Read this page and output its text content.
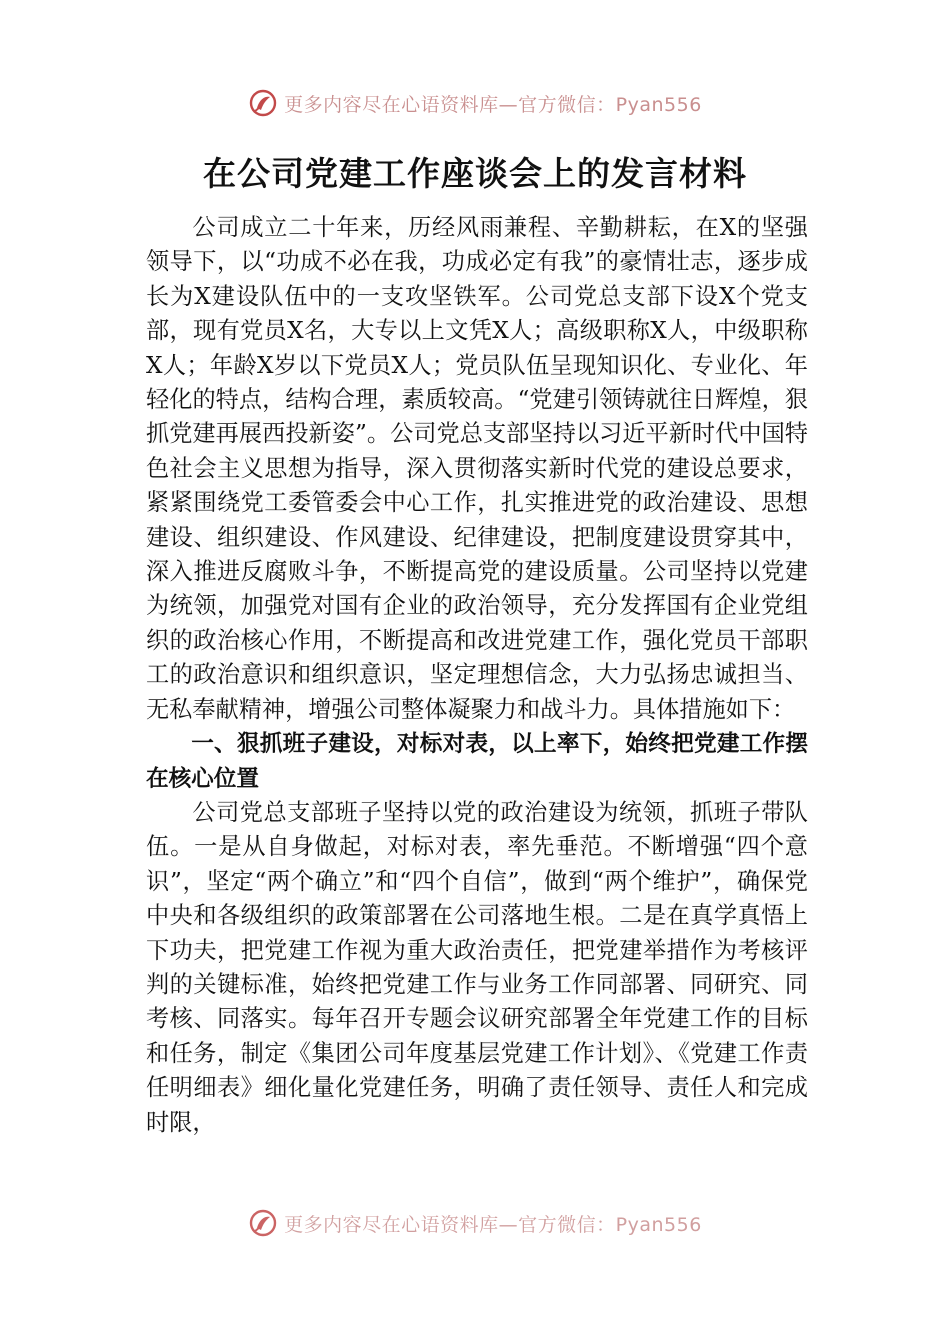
更多内容尽在心语资料库—官方微信：Pyan556
在公司党建工作座谈会上的发言材料

公司成立二十年来，历经风雨兼程、辛勤耕耘，在X的坚强领导下，以“功成不必在我，功成必定有我”的豪情壮志，逐步成长为X建设队伍中的一支攻坚铁军。公司党总支部下设X个党支部，现有党员X名，大专以上文凭X人；高级职称X人，中级职称X人；年龄X岁以下党员X人；党员队伍呈现知识化、专业化、年轻化的特点，结构合理，素质较高。“党建引领铸就往日辉煌，狠抓党建再展西投新姿”。公司党总支部坚持以习近平新时代中国特色社会主义思想为指导，深入贯彻落实新时代党的建设总要求，紧紧围绕党工委管委会中心工作，扎实推进党的政治建设、思想建设、组织建设、作风建设、纪律建设，把制度建设贯穿其中，深入推进反腐败斗争，不断提高党的建设质量。公司坚持以党建为统领，加强党对国有企业的政治领导，充分发挥国有企业党组织的政治核心作用，不断提高和改进党建工作，强化党员干部职工的政治意识和组织意识，坚定理想信念，大力弘扬忠诚担当、无私奉献精神，增强公司整体凝聚力和战斗力。具体措施如下：

一、狠抓班子建设，对标对表，以上率下，始终把党建工作摆在核心位置

公司党总支部班子坚持以党的政治建设为统领，抓班子带队伍。一是从自身做起，对标对表，率先垂范。不断增强“四个意识”，坚定“两个确立”和“四个自信”，做到“两个维护”，确保党中央和各级组织的政策部署在公司落地生根。二是在真学真悟上下功夫，把党建工作视为重大政治责任，把党建举措作为考核评判的关键标准，始终把党建工作与业务工作同部署、同研究、同考核、同落实。每年召开专题会议研究部署全年党建工作的目标和任务，制定《集团公司年度基层党建工作计划》、《党建工作责任明细表》细化量化党建任务，明确了责任领导、责任人和完成时限，

更多内容尽在心语资料库—官方微信：Pyan556
